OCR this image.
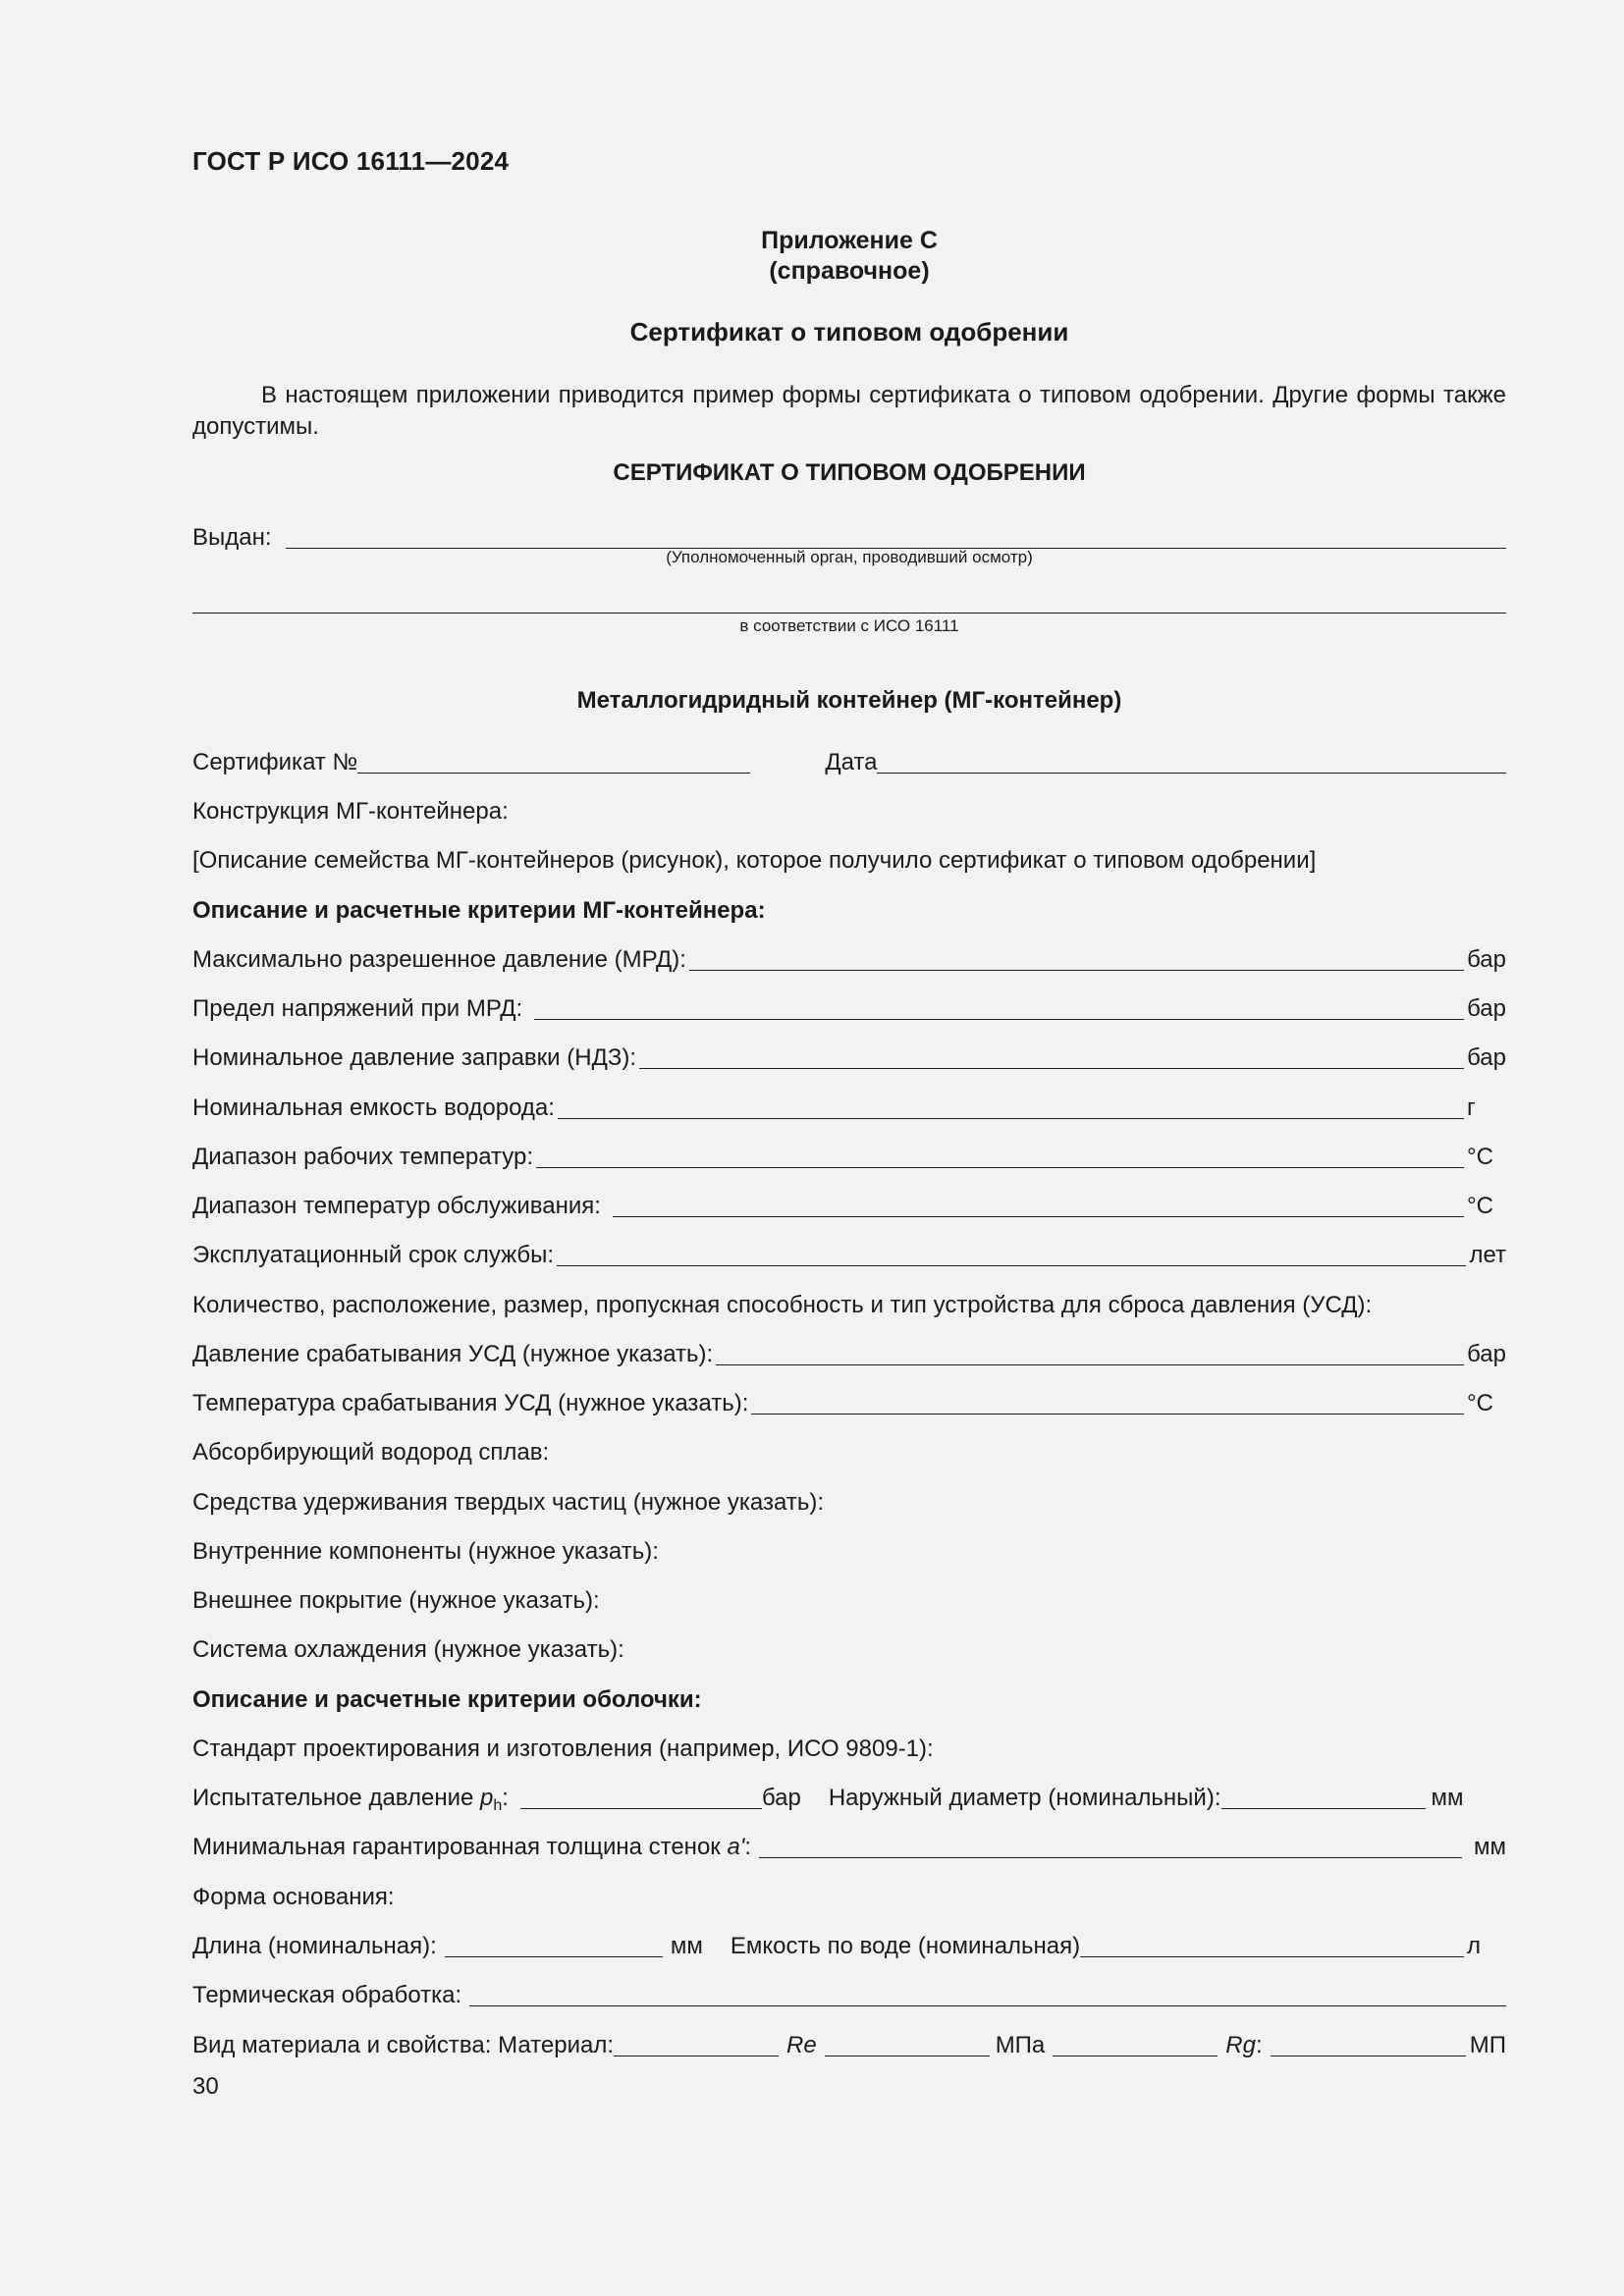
ГОСТ Р ИСО 16111—2024
Приложение С
(справочное)
Сертификат о типовом одобрении
В настоящем приложении приводится пример формы сертификата о типовом одобрении. Другие формы также допустимы.
СЕРТИФИКАТ О ТИПОВОМ ОДОБРЕНИИ
Выдан:
(Уполномоченный орган, проводивший осмотр)
в соответствии с ИСО 16111
Металлогидридный контейнер (МГ-контейнер)
Сертификат №	Дата
Конструкция МГ-контейнера:
[Описание семейства МГ-контейнеров (рисунок), которое получило сертификат о типовом одобрении]
Описание и расчетные критерии МГ-контейнера:
Максимально разрешенное давление (МРД):	бар
Предел напряжений при МРД:	бар
Номинальное давление заправки (НДЗ):	бар
Номинальная емкость водорода:	г
Диапазон рабочих температур:	°С
Диапазон температур обслуживания:	°С
Эксплуатационный срок службы:	лет
Количество, расположение, размер, пропускная способность и тип устройства для сброса давления (УСД):
Давление срабатывания УСД (нужное указать):	бар
Температура срабатывания УСД (нужное указать):	°С
Абсорбирующий водород сплав:
Средства удерживания твердых частиц (нужное указать):
Внутренние компоненты (нужное указать):
Внешнее покрытие (нужное указать):
Система охлаждения (нужное указать):
Описание и расчетные критерии оболочки:
Стандарт проектирования и изготовления (например, ИСО 9809-1):
Испытательное давление $p_h$:	бар Наружный диаметр (номинальный):	мм
Минимальная гарантированная толщина стенок a':	мм
Форма основания:
Длина (номинальная):	мм Емкость по воде (номинальная)	л
Термическая обработка:
Вид материала и свойства: Материал:	Re	МПа	Rg:	МП
30
